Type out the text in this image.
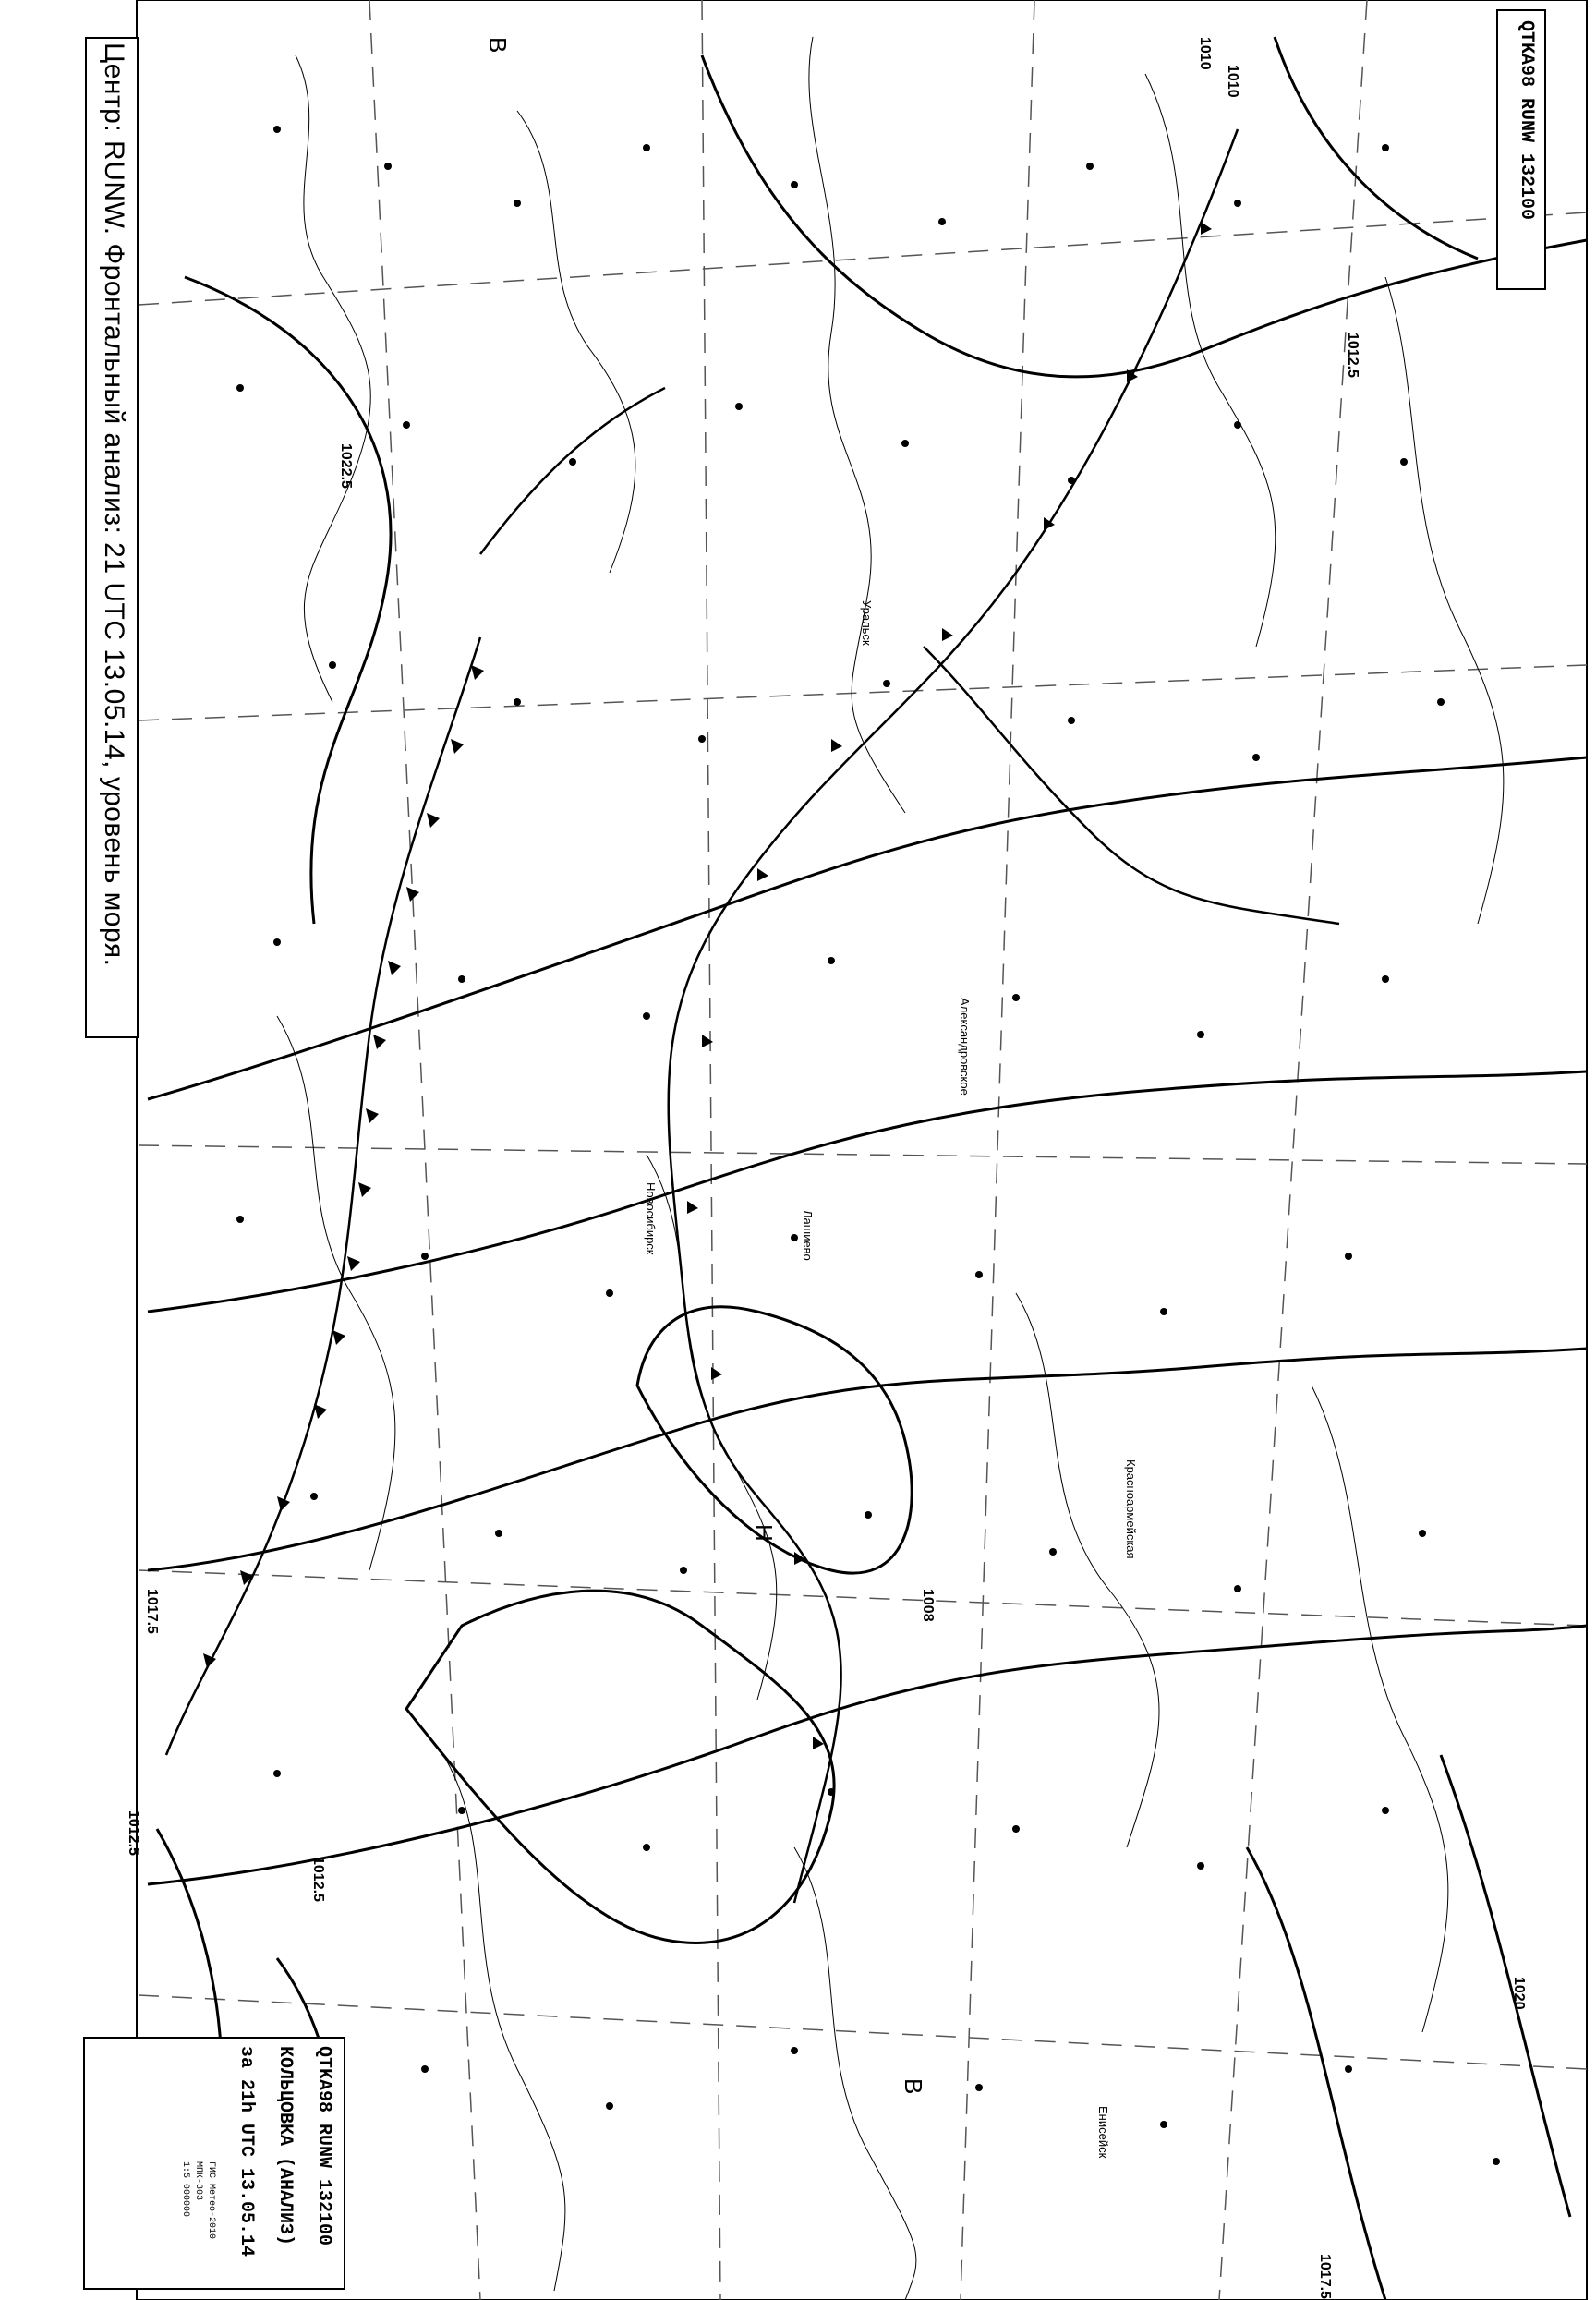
1010
1012.5
1022.5
1012.5
1012.5
1008
1010
1017.5
1017.5
1020
В
Н
В
Уральск
Александровское
Новосибирск	Лашиево
Енисейск
Красноармейская
Центр: RUNW. Фронтальный анализ: 21 UTC 13.05.14, уровень моря.	QTKA98 RUNW 132100
QTKA98 RUNW 132100
КОЛЬЦОВКА (АНАЛИЗ)
за 21h UTC 13.05.14
ГИС Метео-2010
МПК-303
1:5 000000
